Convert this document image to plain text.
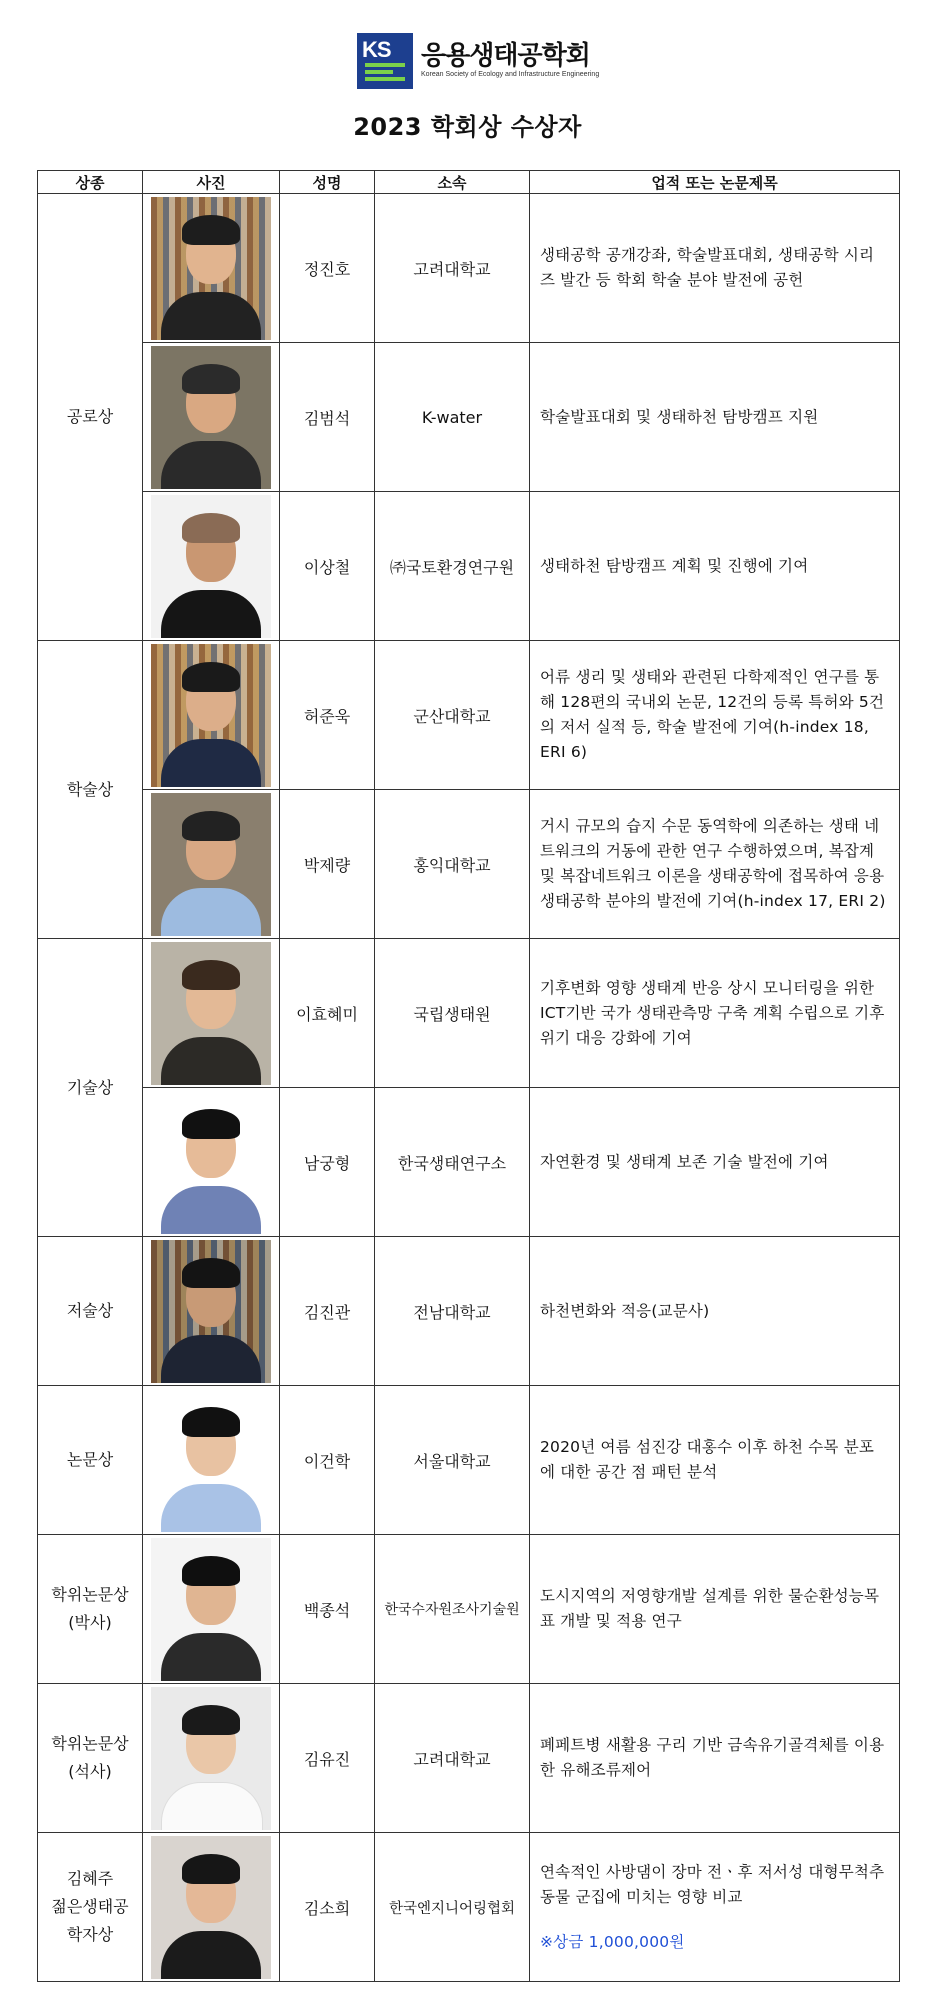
KS 응용생태공학회
Korean Society of Ecology and Infrastructure Engineering
2023 학회상 수상자
상종	사진	성명	소속	업적 또는 논문제목
공로상		정진호	고려대학교	생태공학 공개강좌, 학술발표대회, 생태공학 시리즈 발간 등 학회 학술 분야 발전에 공헌

		김범석	K-water	학술발표대회 및 생태하천 탐방캠프 지원

		이상철	㈜국토환경연구원	생태하천 탐방캠프 계획 및 진행에 기여
학술상		허준욱	군산대학교	어류 생리 및 생태와 관련된 다학제적인 연구를 통해 128편의 국내외 논문, 12건의 등록 특허와 5건의 저서 실적 등, 학술 발전에 기여(h-index 18, ERI 6)

		박제량	홍익대학교	거시 규모의 습지 수문 동역학에 의존하는 생태 네트워크의 거동에 관한 연구 수행하였으며, 복잡계 및 복잡네트워크 이론을 생태공학에 접목하여 응용생태공학 분야의 발전에 기여(h-index 17, ERI 2)
기술상		이효혜미	국립생태원	기후변화 영향 생태계 반응 상시 모니터링을 위한 ICT기반 국가 생태관측망 구축 계획 수립으로 기후위기 대응 강화에 기여

		남궁형	한국생태연구소	자연환경 및 생태계 보존 기술 발전에 기여
저술상		김진관	전남대학교	하천변화와 적응(교문사)
논문상		이건학	서울대학교	2020년 여름 섬진강 대홍수 이후 하천 수목 분포에 대한 공간 점 패턴 분석
학위논문상
(박사)		백종석	한국수자원조사기술원	도시지역의 저영향개발 설계를 위한 물순환성능목표 개발 및 적용 연구
학위논문상
(석사)		김유진	고려대학교	폐페트병 새활용 구리 기반 금속유기골격체를 이용한 유해조류제어
김혜주
젊은생태공
학자상		김소희	한국엔지니어링협회	연속적인 사방댐이 장마 전ㆍ후 저서성 대형무척추동물 군집에 미치는 영향 비교
※상금 1,000,000원
